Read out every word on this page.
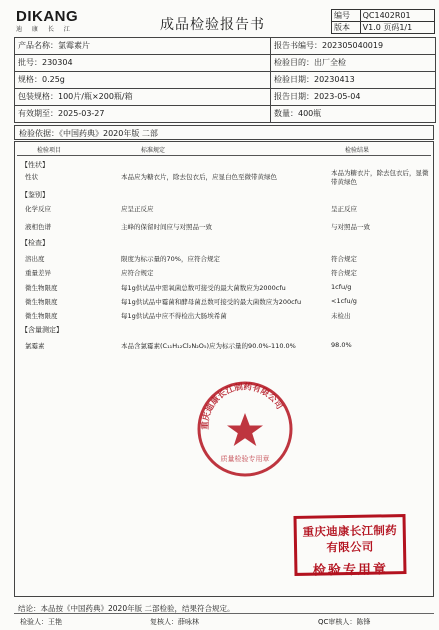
DIKANG
迪 康 长 江	成品检验报告书
编号	QC1402R01
版本	V1.0 页码1/1
产品名称：氯霉素片	报告书编号：202305040019
批号：230304	检验目的：出厂全检
规格：0.25g	检验日期：20230413
包装规格：100片/瓶×200瓶/箱	报告日期：2023-05-04
有效期至：2025-03-27	数量：400瓶
检验依据：《中国药典》2020年版 二部
检验项目	标准规定	检验结果
【性状】
性状	本品应为糖衣片，除去包衣后，应显白色至微带黄绿色	本品为糖衣片，除去包衣后，显微带黄绿色
【鉴别】
化学反应	应呈正反应	呈正反应
液相色谱	主峰的保留时间应与对照品一致	与对照品一致
【检查】
溶出度	限度为标示量的70%，应符合规定	符合规定
重量差异	应符合规定	符合规定
微生物限度	每1g供试品中需氧菌总数可接受的最大菌数应为2000cfu	1cfu/g
微生物限度	每1g供试品中霉菌和酵母菌总数可接受的最大菌数应为200cfu	<1cfu/g
微生物限度	每1g供试品中应不得检出大肠埃希菌	未检出
【含量测定】
氯霉素	本品含氯霉素(C₁₁H₁₂Cl₂N₂O₅)应为标示量的90.0%-110.0%	98.0%
重庆迪康长江制药有限公司
质量检验专用章
重庆迪康长江制药有限公司
检验专用章
结论：本品按《中国药典》2020年版 二部检验，结果符合规定。
检验人：王艳	复核人：薛咏林	QC审核人：陈锋
